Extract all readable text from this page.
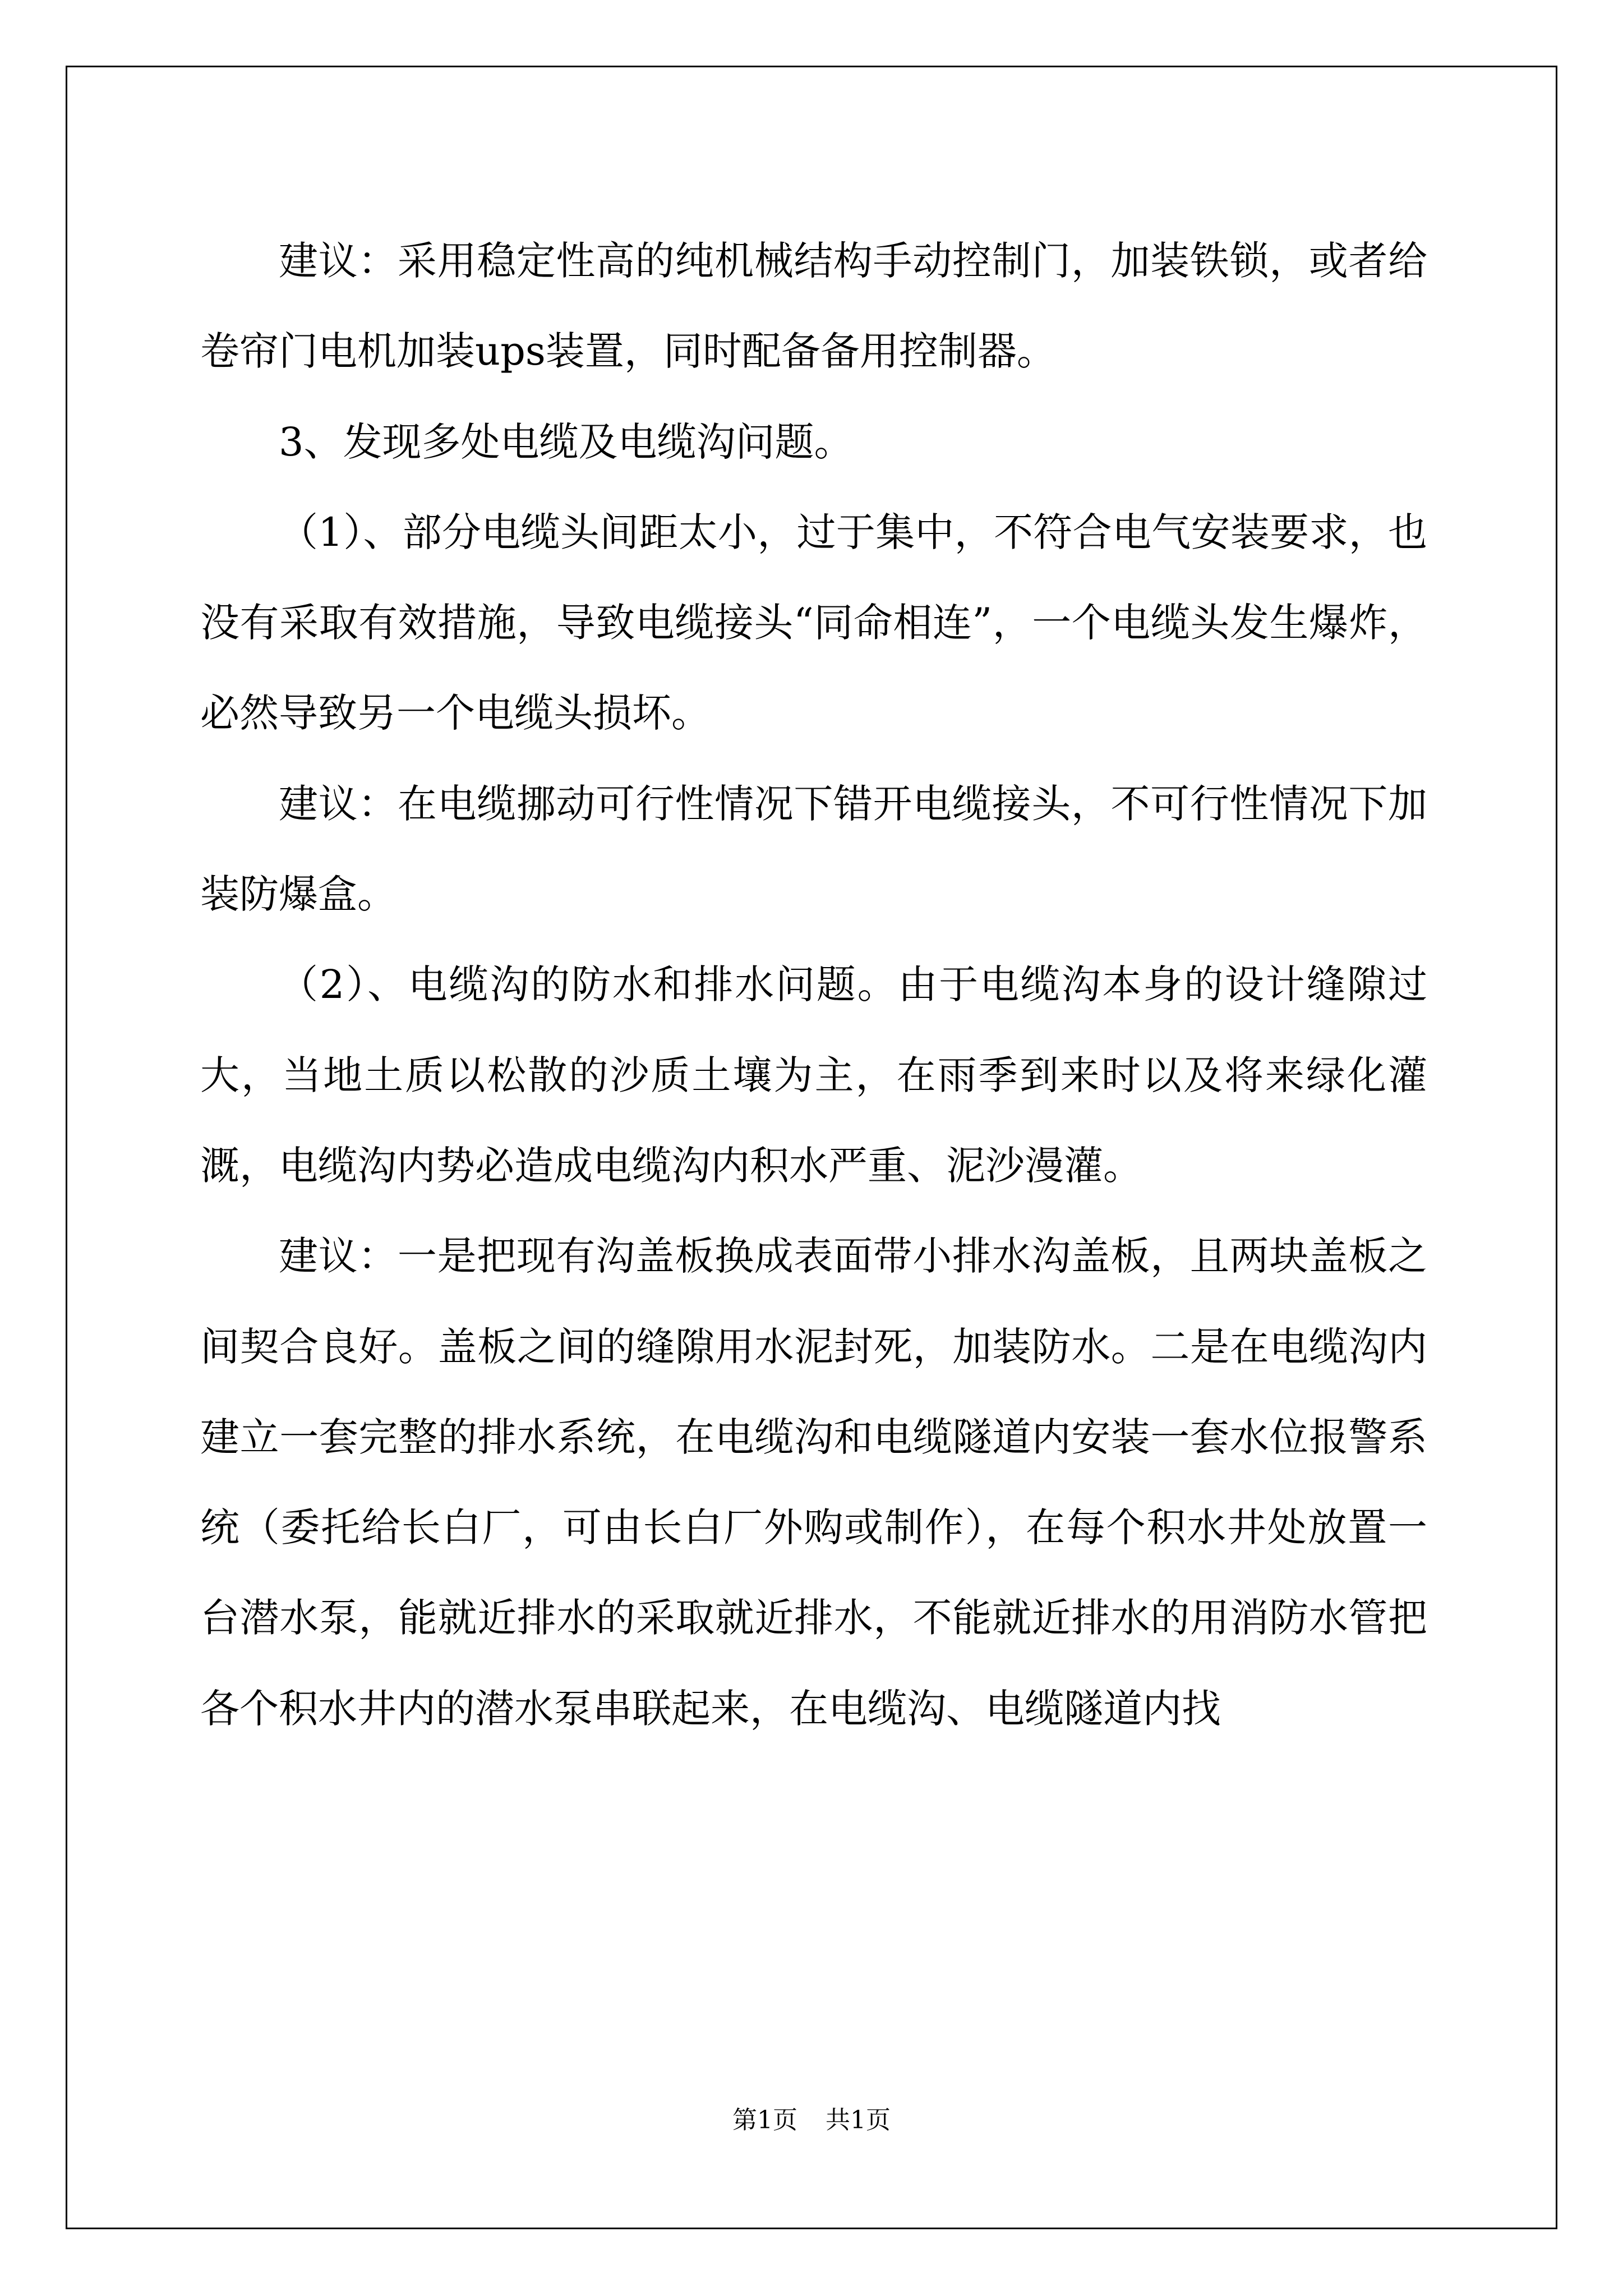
建议：采用稳定性高的纯机械结构手动控制门，加装铁锁，或者给卷帘门电机加装ups装置，同时配备备用控制器。

3、发现多处电缆及电缆沟问题。

（1）、部分电缆头间距太小，过于集中，不符合电气安装要求，也没有采取有效措施，导致电缆接头“同命相连”，一个电缆头发生爆炸，必然导致另一个电缆头损坏。

建议：在电缆挪动可行性情况下错开电缆接头，不可行性情况下加装防爆盒。

（2）、电缆沟的防水和排水问题。由于电缆沟本身的设计缝隙过大，当地土质以松散的沙质土壤为主，在雨季到来时以及将来绿化灌溉，电缆沟内势必造成电缆沟内积水严重、泥沙漫灌。

建议：一是把现有沟盖板换成表面带小排水沟盖板，且两块盖板之间契合良好。盖板之间的缝隙用水泥封死，加装防水。二是在电缆沟内建立一套完整的排水系统，在电缆沟和电缆隧道内安装一套水位报警系统（委托给长白厂，可由长白厂外购或制作），在每个积水井处放置一台潜水泵，能就近排水的采取就近排水，不能就近排水的用消防水管把各个积水井内的潜水泵串联起来，在电缆沟、电缆隧道内找

第1页 共1页
